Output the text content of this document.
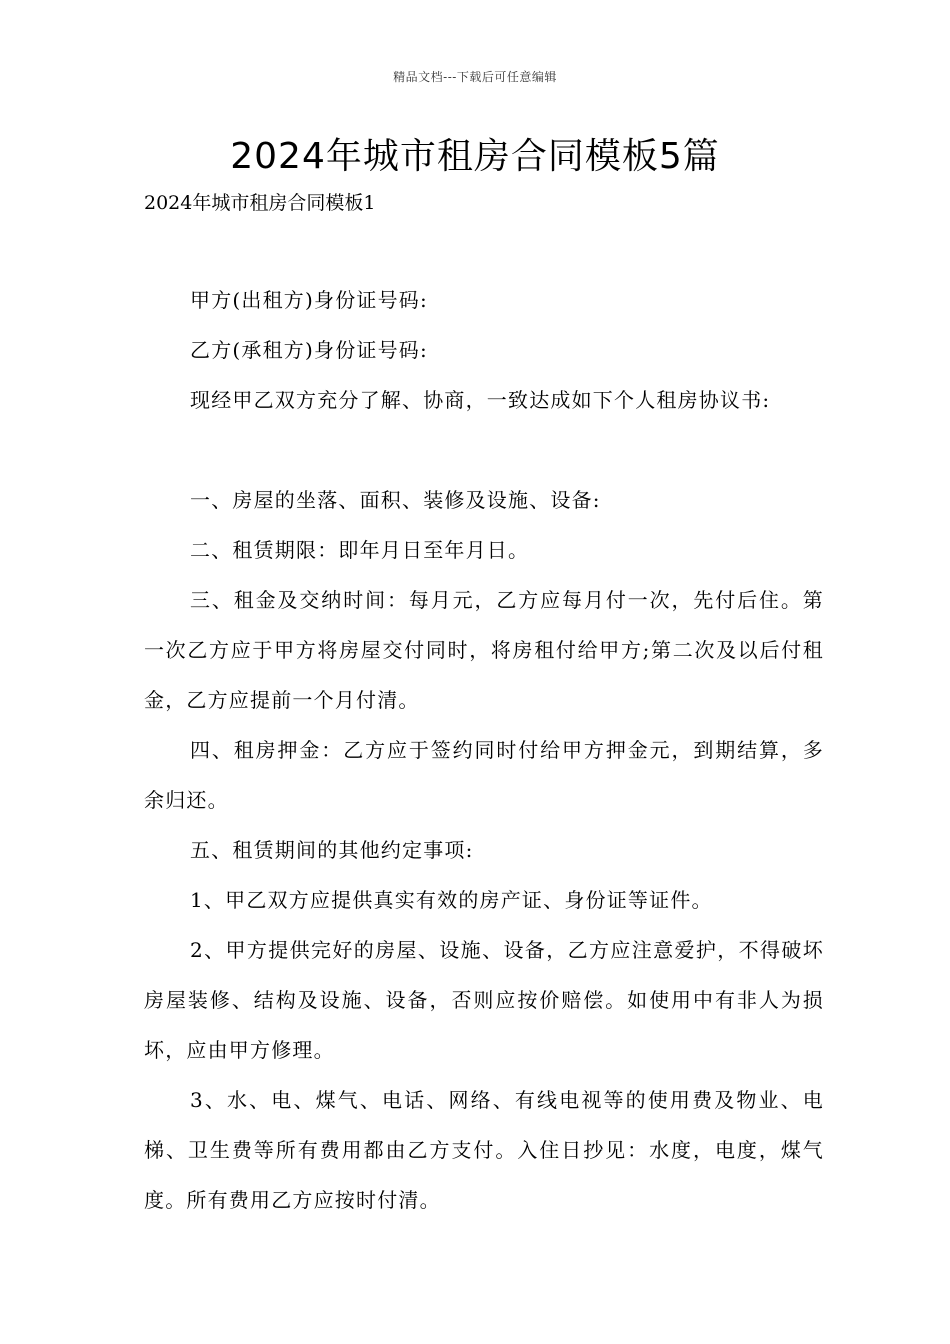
精品文档---下载后可任意编辑
2024年城市租房合同模板5篇
2024年城市租房合同模板1

甲方(出租方)身份证号码:

乙方(承租方)身份证号码:

现经甲乙双方充分了解、协商，一致达成如下个人租房协议书:

一、房屋的坐落、面积、装修及设施、设备:

二、租赁期限：即年月日至年月日。

三、租金及交纳时间：每月元，乙方应每月付一次，先付后住。第一次乙方应于甲方将房屋交付同时，将房租付给甲方;第二次及以后付租金，乙方应提前一个月付清。

四、租房押金：乙方应于签约同时付给甲方押金元，到期结算，多余归还。

五、租赁期间的其他约定事项:

1、甲乙双方应提供真实有效的房产证、身份证等证件。

2、甲方提供完好的房屋、设施、设备，乙方应注意爱护，不得破坏房屋装修、结构及设施、设备，否则应按价赔偿。如使用中有非人为损坏，应由甲方修理。

3、水、电、煤气、电话、网络、有线电视等的使用费及物业、电梯、卫生费等所有费用都由乙方支付。入住日抄见：水度，电度，煤气度。所有费用乙方应按时付清。
